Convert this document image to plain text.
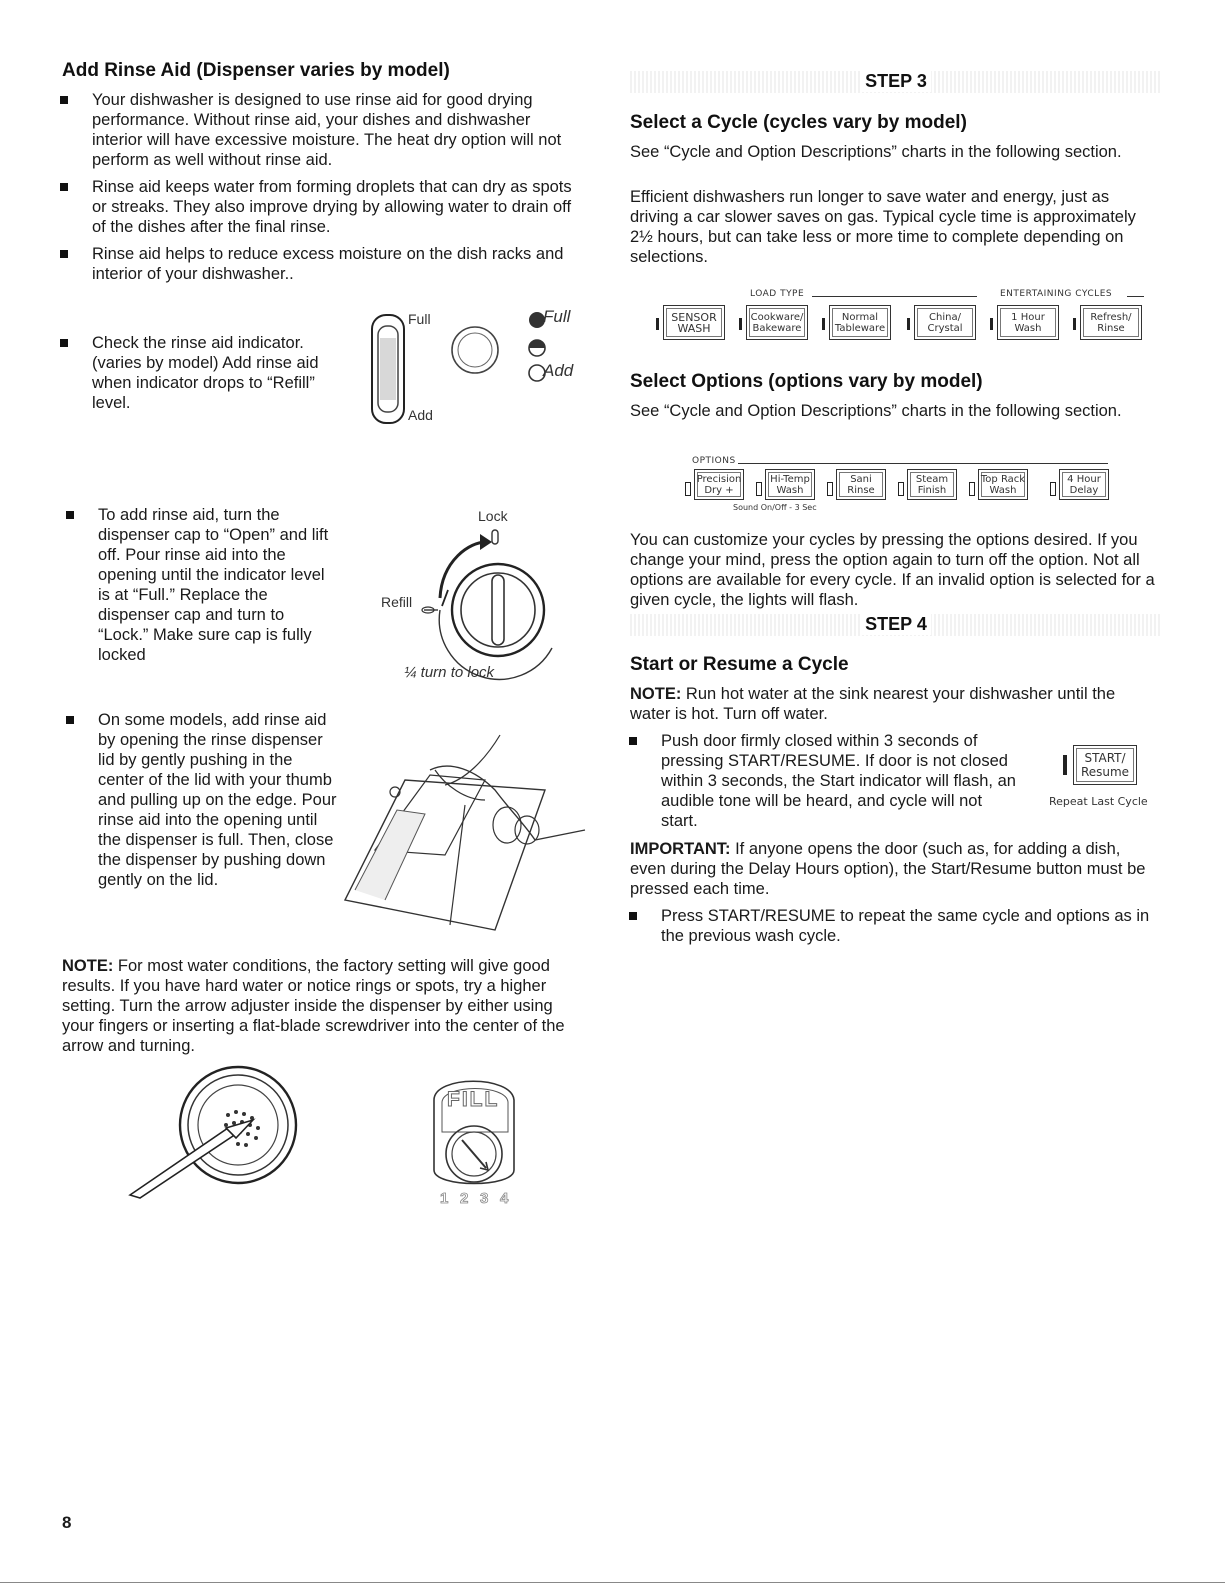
Add Rinse Aid (Dispenser varies by model)

Your dishwasher is designed to use rinse aid for good drying performance. Without rinse aid, your dishes and dishwasher interior will have excessive moisture. The heat dry option will not perform as well without rinse aid.

Rinse aid keeps water from forming droplets that can dry as spots or streaks. They also improve drying by allowing water to drain off of the dishes after the final rinse.

Rinse aid helps to reduce excess moisture on the dish racks and interior of your dishwasher..

Check the rinse aid indicator. (varies by model) Add rinse aid when indicator drops to “Refill” level.

To add rinse aid, turn the dispenser cap to “Open” and lift off. Pour rinse aid into the opening until the indicator level is at “Full.” Replace the dispenser cap and turn to “Lock.” Make sure cap is fully locked

On some models, add rinse aid by opening the rinse dispenser lid by gently pushing in the center of the lid with your thumb and pulling up on the edge. Pour rinse aid into the opening until the dispenser is full. Then, close the dispenser by pushing down gently on the lid.

Full
Add
Full
Add
Lock
Refill
¼ turn to lock

NOTE: For most water conditions, the factory setting will give good results. If you have hard water or notice rings or spots, try a higher setting. Turn the arrow adjuster inside the dispenser by either using your fingers or inserting a flat-blade screwdriver into the center of the arrow and turning.

FILL
1 2 3 4
STEP 3
Select a Cycle (cycles vary by model)

See “Cycle and Option Descriptions” charts in the following section.

Efficient dishwashers run longer to save water and energy, just as driving a car slower saves on gas. Typical cycle time is approximately 2½ hours, but can take less or more time to complete depending on selections.

LOAD TYPE	ENTERTAINING CYCLES
SENSOR
WASH
Cookware/
Bakeware
Normal
Tableware
China/
Crystal
1 Hour
Wash
Refresh/
Rinse
Select Options (options vary by model)

See “Cycle and Option Descriptions” charts in the following section.

OPTIONS
Precision
Dry +
Hi-Temp
Wash
Sani
Rinse
Steam
Finish
Top Rack
Wash
4 Hour
Delay
Sound On/Off - 3 Sec

You can customize your cycles by pressing the options desired. If you change your mind, press the option again to turn off the option. Not all options are available for every cycle. If an invalid option is selected for a given cycle, the lights will flash.

STEP 4
Start or Resume a Cycle

NOTE: Run hot water at the sink nearest your dishwasher until the water is hot. Turn off water.

Push door firmly closed within 3 seconds of pressing START/RESUME. If door is not closed within 3 seconds, the Start indicator will flash, an audible tone will be heard, and cycle will not start.

START/
Resume
Repeat Last Cycle

IMPORTANT: If anyone opens the door (such as, for adding a dish, even during the Delay Hours option), the Start/Resume button must be pressed each time.

Press START/RESUME to repeat the same cycle and options as in the previous wash cycle.

8
